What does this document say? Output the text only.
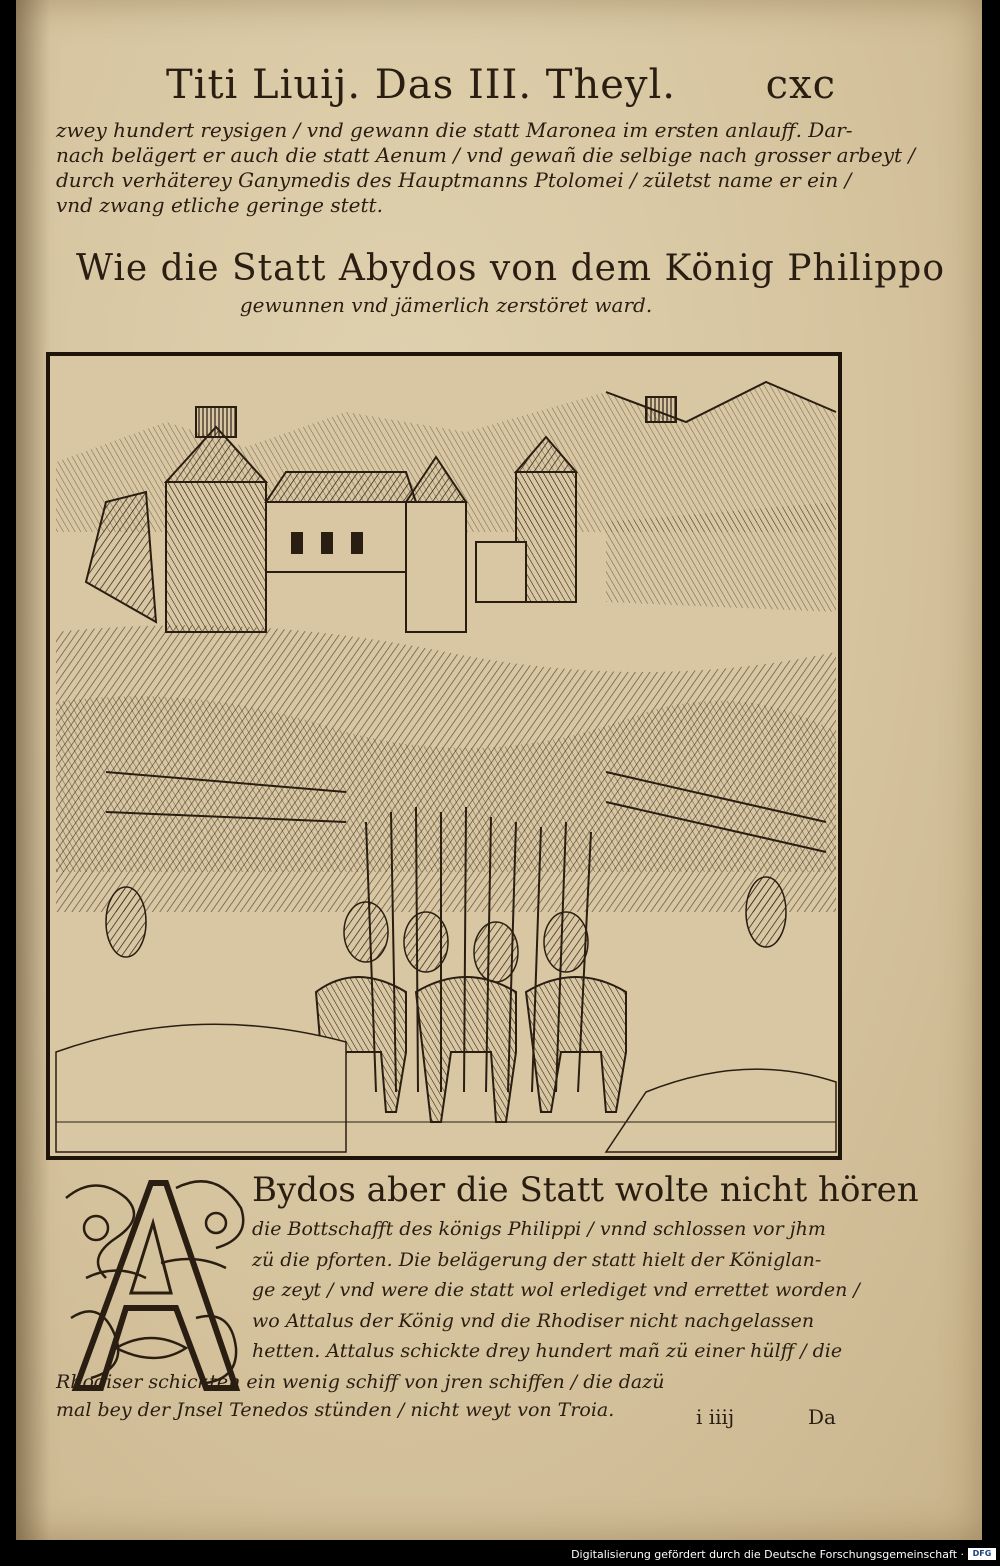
Titi Liuij. Das III. Theyl. cxc
zwey hundert reysigen / vnd gewann die statt Maronea im ersten anlauff. Dar-
nach belägert er auch die statt Aenum / vnd gewañ die selbige nach grosser arbeyt /
durch verhäterey Ganymedis des Hauptmanns Ptolomei / zületst name er ein /
vnd zwang etliche geringe stett.
Wie die Statt Abydos von dem König Philippo
gewunnen vnd jämerlich zerstöret ward.
Bydos aber die Statt wolte nicht hören
die Bottschafft des königs Philippi / vnnd schlossen vor jhm
zü die pforten. Die belägerung der statt hielt der Königlan-
ge zeyt / vnd were die statt wol erlediget vnd errettet worden /
wo Attalus der König vnd die Rhodiser nicht nachgelassen
hetten. Attalus schickte drey hundert mañ zü einer hülff / die
Rhodiser schickten ein wenig schiff von jren schiffen / die dazü
mal bey der Jnsel Tenedos stünden / nicht weyt von Troia.	i iiij	Da
Digitalisierung gefördert durch die Deutsche Forschungsgemeinschaft ·	DFG
